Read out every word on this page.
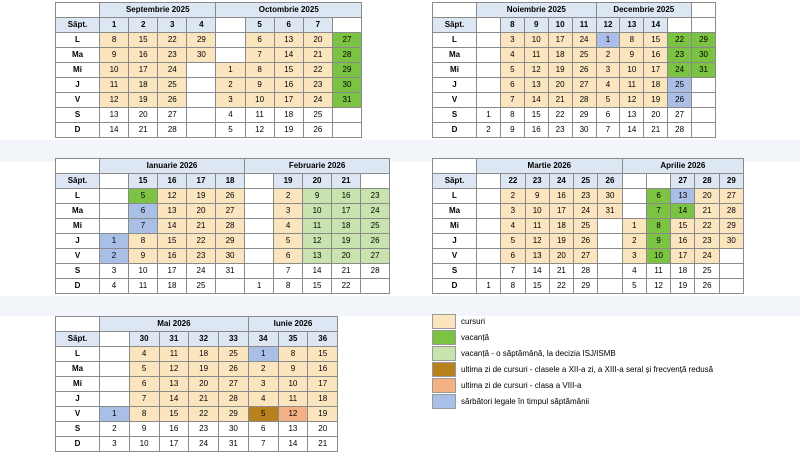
	Septembrie 2025				Octombrie 2025				
Săpt.	1	2	3	4		5	6	7	
L	8	15	22	29		6	13	20	27
Ma	9	16	23	30		7	14	21	28
Mi	10	17	24		1	8	15	22	29
J	11	18	25		2	9	16	23	30
V	12	19	26		3	10	17	24	31
S	13	20	27		4	11	18	25	
D	14	21	28		5	12	19	26	
	Noiembrie 2025					Decembrie 2025				
Săpt.		8	9	10	11	12	13	14		
L		3	10	17	24	1	8	15	22	29
Ma		4	11	18	25	2	9	16	23	30
Mi		5	12	19	26	3	10	17	24	31
J		6	13	20	27	4	11	18	25	
V		7	14	21	28	5	12	19	26	
S	1	8	15	22	29	6	13	20	27	
D	2	9	16	23	30	7	14	21	28	
	Ianuarie 2026					Februarie 2026				
Săpt.		15	16	17	18		19	20	21	
L		5	12	19	26		2	9	16	23
Ma		6	13	20	27		3	10	17	24
Mi		7	14	21	28		4	11	18	25
J	1	8	15	22	29		5	12	19	26
V	2	9	16	23	30		6	13	20	27
S	3	10	17	24	31		7	14	21	28
D	4	11	18	25		1	8	15	22	
	Martie 2026						Aprilie 2026				
Săpt.		22	23	24	25	26			27	28	29
L		2	9	16	23	30		6	13	20	27
Ma		3	10	17	24	31		7	14	21	28
Mi		4	11	18	25		1	8	15	22	29
J		5	12	19	26		2	9	16	23	30
V		6	13	20	27		3	10	17	24	
S		7	14	21	28		4	11	18	25	
D	1	8	15	22	29		5	12	19	26	
	Mai 2026					Iunie 2026		
Săpt.		30	31	32	33	34	35	36
L		4	11	18	25	1	8	15
Ma		5	12	19	26	2	9	16
Mi		6	13	20	27	3	10	17
J		7	14	21	28	4	11	18
V	1	8	15	22	29	5	12	19
S	2	9	16	23	30	6	13	20
D	3	10	17	24	31	7	14	21
cursuri
vacanță
vacanță - o săptămână, la decizia ISJ/ISMB
ultima zi de cursuri - clasele a XII-a zi, a XIII-a seral și frecvență redusă
ultima zi de cursuri - clasa a VIII-a
sărbători legale în timpul săptămânii
